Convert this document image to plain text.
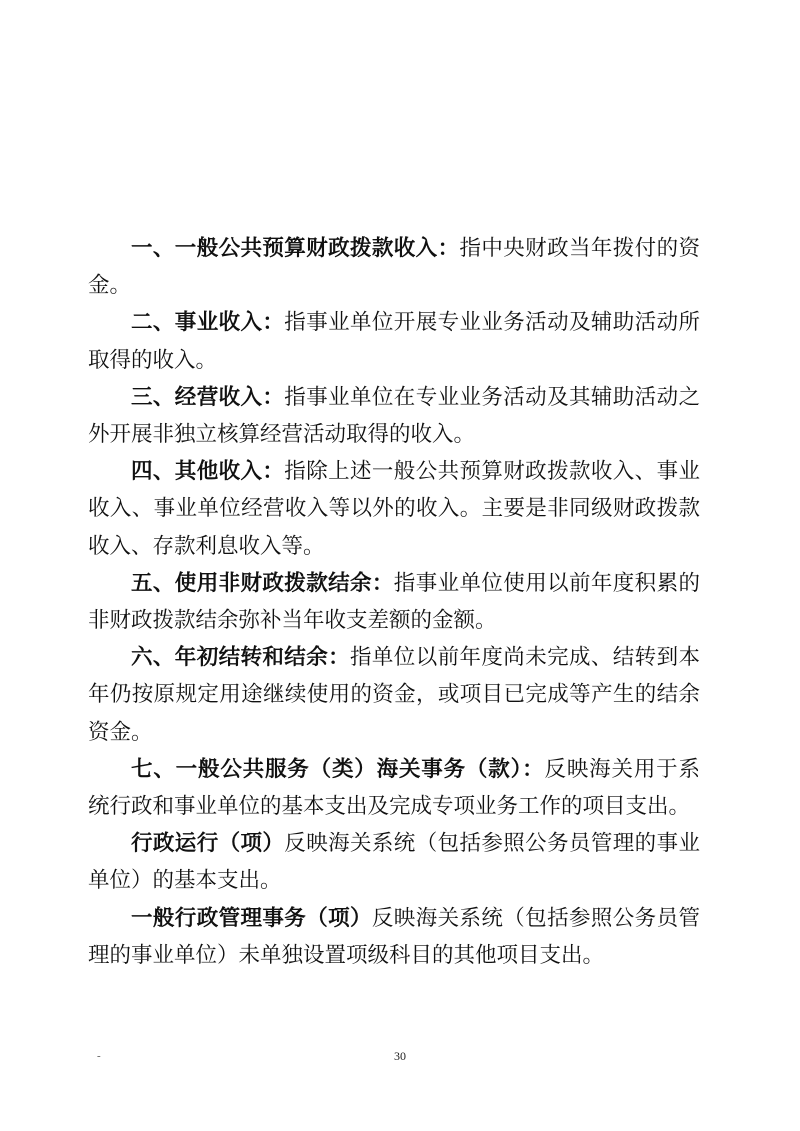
一、一般公共预算财政拨款收入：指中央财政当年拨付的资金。

二、事业收入：指事业单位开展专业业务活动及辅助活动所取得的收入。

三、经营收入：指事业单位在专业业务活动及其辅助活动之外开展非独立核算经营活动取得的收入。

四、其他收入：指除上述一般公共预算财政拨款收入、事业收入、事业单位经营收入等以外的收入。主要是非同级财政拨款收入、存款利息收入等。

五、使用非财政拨款结余：指事业单位使用以前年度积累的非财政拨款结余弥补当年收支差额的金额。

六、年初结转和结余：指单位以前年度尚未完成、结转到本年仍按原规定用途继续使用的资金，或项目已完成等产生的结余资金。

七、一般公共服务（类）海关事务（款）：反映海关用于系统行政和事业单位的基本支出及完成专项业务工作的项目支出。

行政运行（项）反映海关系统（包括参照公务员管理的事业单位）的基本支出。

一般行政管理事务（项）反映海关系统（包括参照公务员管理的事业单位）未单独设置项级科目的其他项目支出。

-	30
